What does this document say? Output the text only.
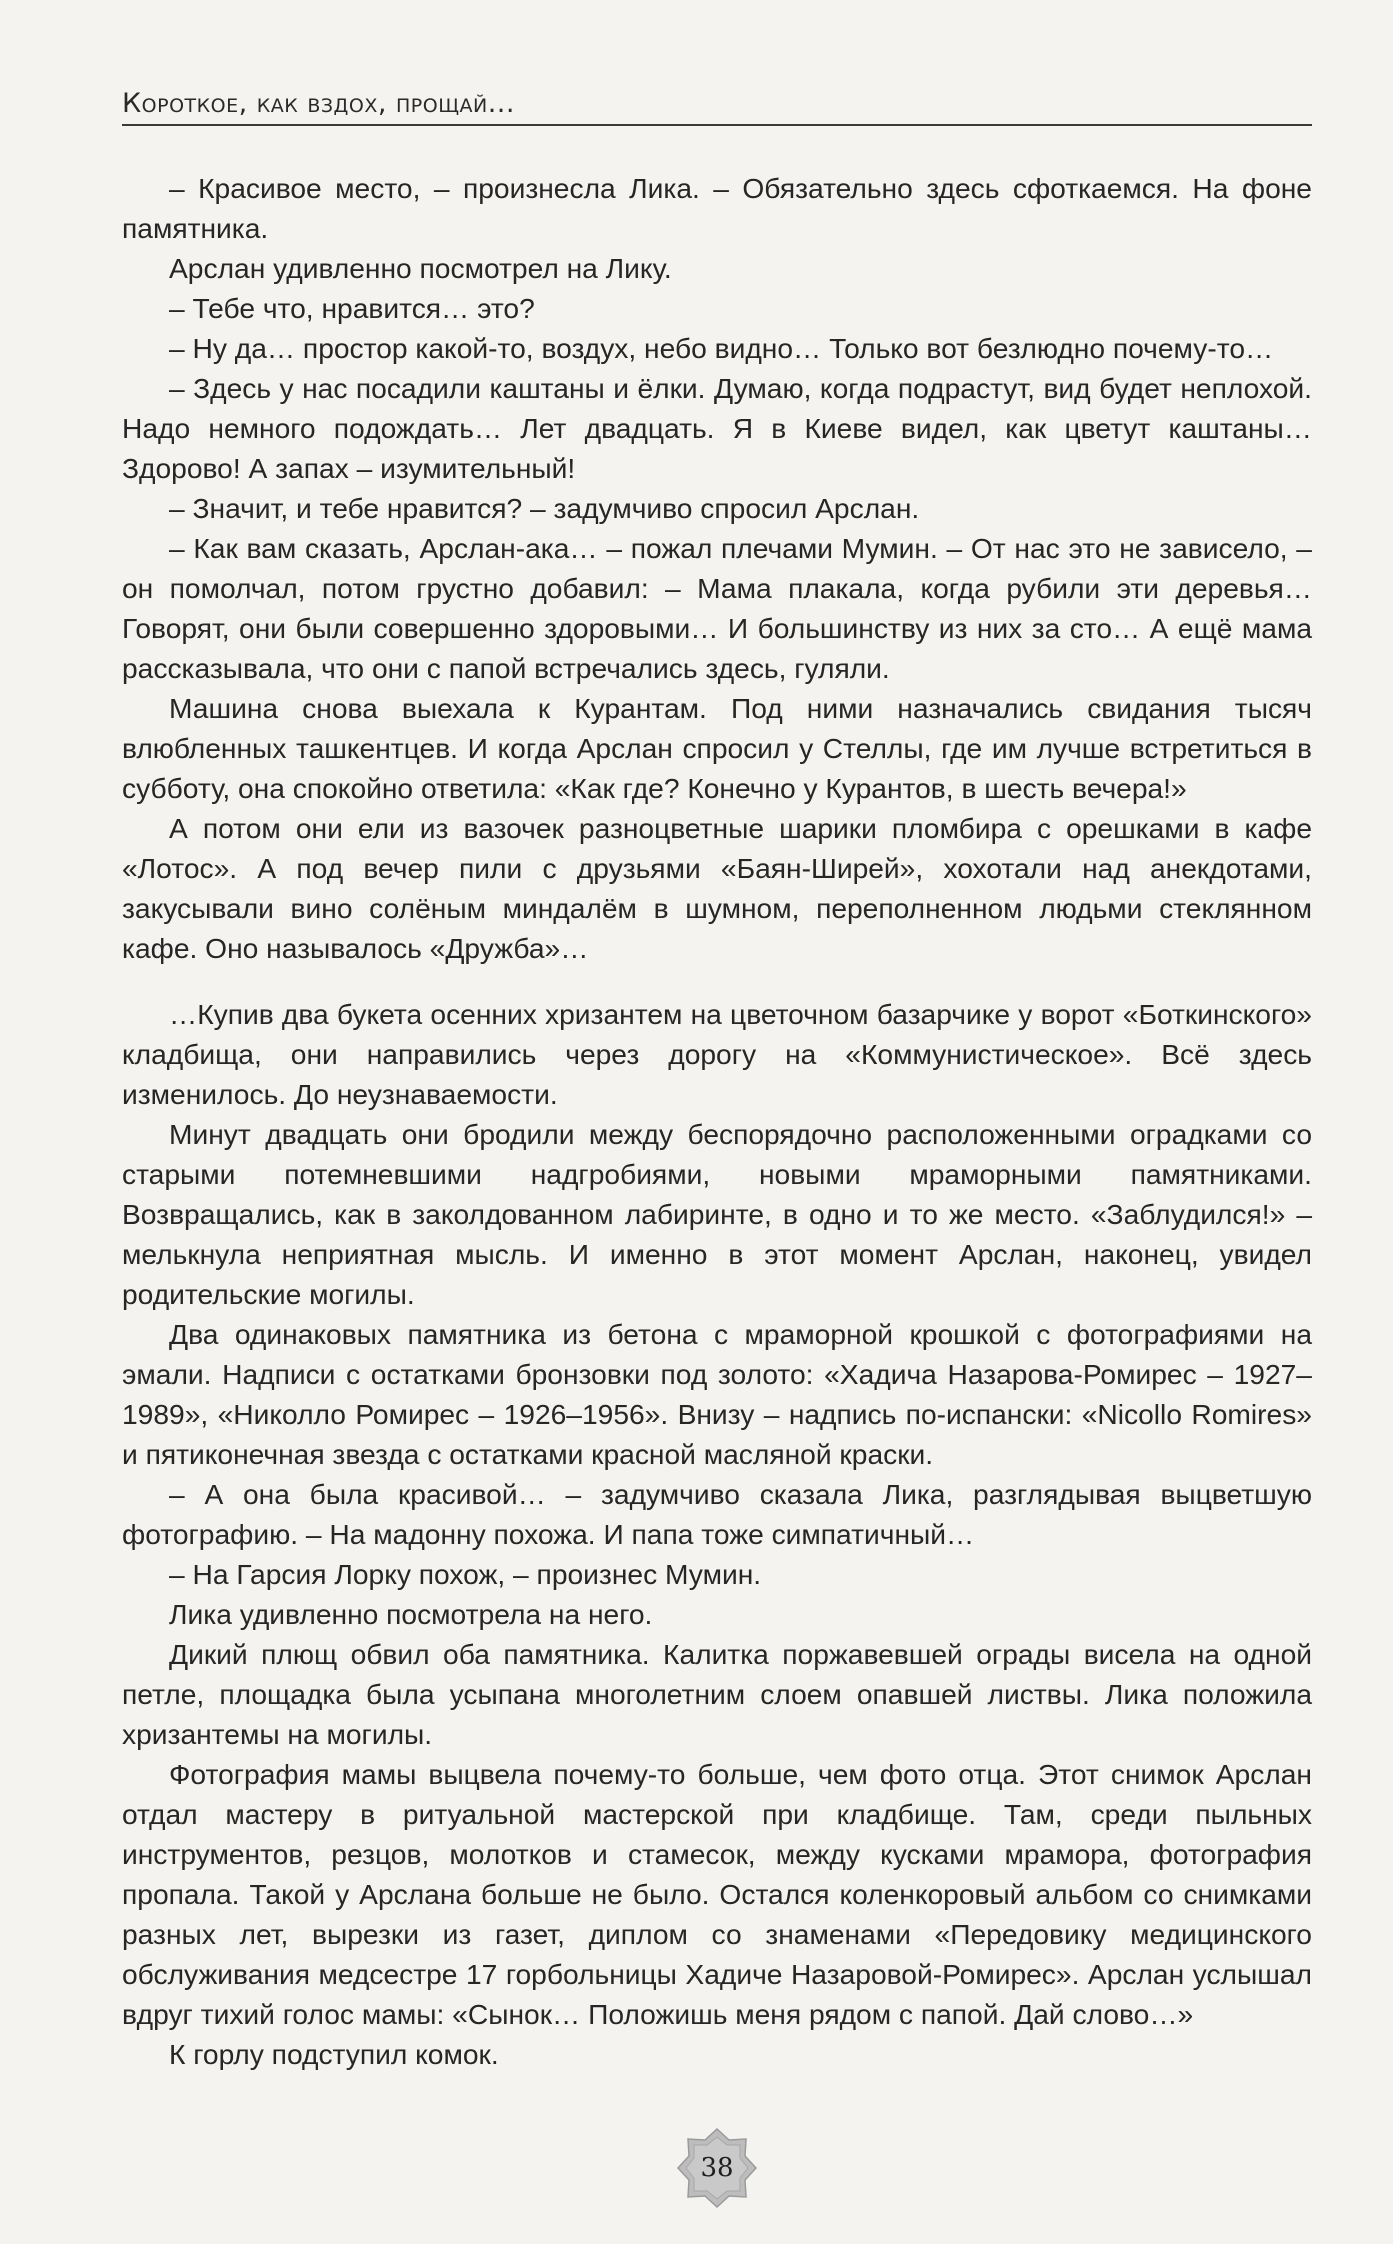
Короткое, как вздох, прощай...

– Красивое место, – произнесла Лика. – Обязательно здесь сфоткаемся. На фоне памятника.

Арслан удивленно посмотрел на Лику.

– Тебе что, нравится… это?

– Ну да… простор какой-то, воздух, небо видно… Только вот безлюдно почему-то…

– Здесь у нас посадили каштаны и ёлки. Думаю, когда подрастут, вид будет неплохой. Надо немного подождать… Лет двадцать. Я в Киеве видел, как цветут каштаны… Здорово! А запах – изумительный!

– Значит, и тебе нравится? – задумчиво спросил Арслан.

– Как вам сказать, Арслан-ака… – пожал плечами Мумин. – От нас это не зависело, – он помолчал, потом грустно добавил: – Мама плакала, когда рубили эти деревья… Говорят, они были совершенно здоровыми… И большинству из них за сто… А ещё мама рассказывала, что они с папой встречались здесь, гуляли.

Машина снова выехала к Курантам. Под ними назначались свидания тысяч влюбленных ташкентцев. И когда Арслан спросил у Стеллы, где им лучше встретиться в субботу, она спокойно ответила: «Как где? Конечно у Курантов, в шесть вечера!»

А потом они ели из вазочек разноцветные шарики пломбира с орешками в кафе «Лотос». А под вечер пили с друзьями «Баян-Ширей», хохотали над анекдотами, закусывали вино солёным миндалём в шумном, переполненном людьми стеклянном кафе. Оно называлось «Дружба»…

…Купив два букета осенних хризантем на цветочном базарчике у ворот «Боткинского» кладбища, они направились через дорогу на «Коммунистическое». Всё здесь изменилось. До неузнаваемости.

Минут двадцать они бродили между беспорядочно расположенными оградками со старыми потемневшими надгробиями, новыми мраморными памятниками. Возвращались, как в заколдованном лабиринте, в одно и то же место. «Заблудился!» – мелькнула неприятная мысль. И именно в этот момент Арслан, наконец, увидел родительские могилы.

Два одинаковых памятника из бетона с мраморной крошкой с фотографиями на эмали. Надписи с остатками бронзовки под золото: «Хадича Назарова-Ромирес – 1927–1989», «Николло Ромирес – 1926–1956». Внизу – надпись по-испански: «Nicollo Romires» и пятиконечная звезда с остатками красной масляной краски.

– А она была красивой… – задумчиво сказала Лика, разглядывая выцветшую фотографию. – На мадонну похожа. И папа тоже симпатичный…

– На Гарсия Лорку похож, – произнес Мумин.

Лика удивленно посмотрела на него.

Дикий плющ обвил оба памятника. Калитка поржавевшей ограды висела на одной петле, площадка была усыпана многолетним слоем опавшей листвы. Лика положила хризантемы на могилы.

Фотография мамы выцвела почему-то больше, чем фото отца. Этот снимок Арслан отдал мастеру в ритуальной мастерской при кладбище. Там, среди пыльных инструментов, резцов, молотков и стамесок, между кусками мрамора, фотография пропала. Такой у Арслана больше не было. Остался коленкоровый альбом со снимками разных лет, вырезки из газет, диплом со знаменами «Передовику медицинского обслуживания медсестре 17 горбольницы Хадиче Назаровой-Ромирес». Арслан услышал вдруг тихий голос мамы: «Сынок… Положишь меня рядом с папой. Дай слово…»

К горлу подступил комок.

38
